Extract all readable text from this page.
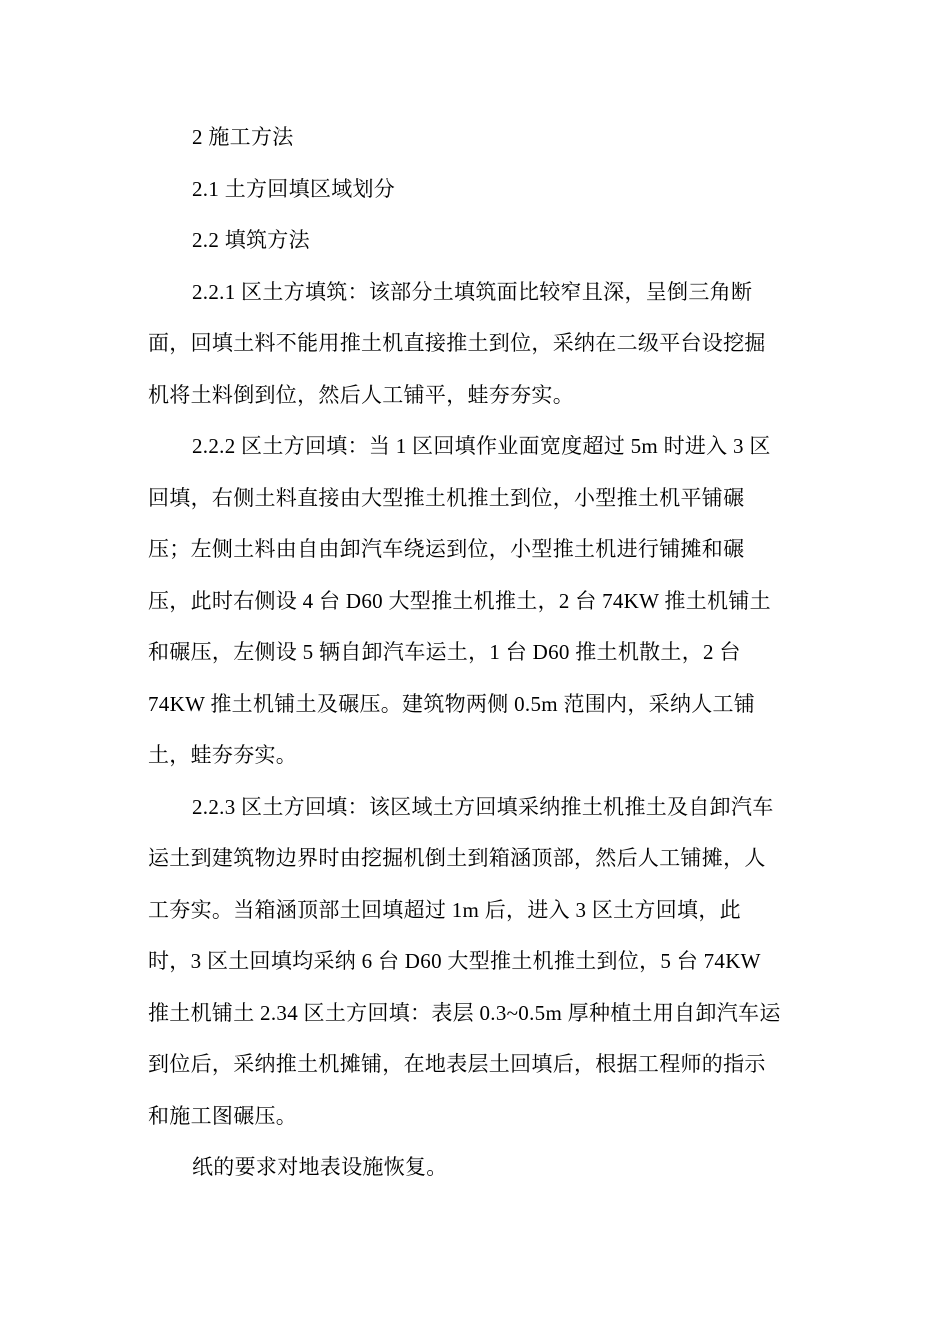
2 施工方法

2.1 土方回填区域划分

2.2 填筑方法

2.2.1 区土方填筑：该部分土填筑面比较窄且深，呈倒三角断
面，回填土料不能用推土机直接推土到位，采纳在二级平台设挖掘
机将土料倒到位，然后人工铺平，蛙夯夯实。

2.2.2 区土方回填：当 1 区回填作业面宽度超过 5m 时进入 3 区
回填，右侧土料直接由大型推土机推土到位，小型推土机平铺碾
压；左侧土料由自由卸汽车绕运到位，小型推土机进行铺摊和碾
压，此时右侧设 4 台 D60 大型推土机推土，2 台 74KW 推土机铺土
和碾压，左侧设 5 辆自卸汽车运土，1 台 D60 推土机散土，2 台
74KW 推土机铺土及碾压。建筑物两侧 0.5m 范围内，采纳人工铺
土，蛙夯夯实。

2.2.3 区土方回填：该区域土方回填采纳推土机推土及自卸汽车
运土到建筑物边界时由挖掘机倒土到箱涵顶部，然后人工铺摊，人
工夯实。当箱涵顶部土回填超过 1m 后，进入 3 区土方回填，此
时，3 区土回填均采纳 6 台 D60 大型推土机推土到位，5 台 74KW
推土机铺土 2.34 区土方回填：表层 0.3~0.5m 厚种植土用自卸汽车运
到位后，采纳推土机摊铺，在地表层土回填后，根据工程师的指示
和施工图碾压。

纸的要求对地表设施恢复。
